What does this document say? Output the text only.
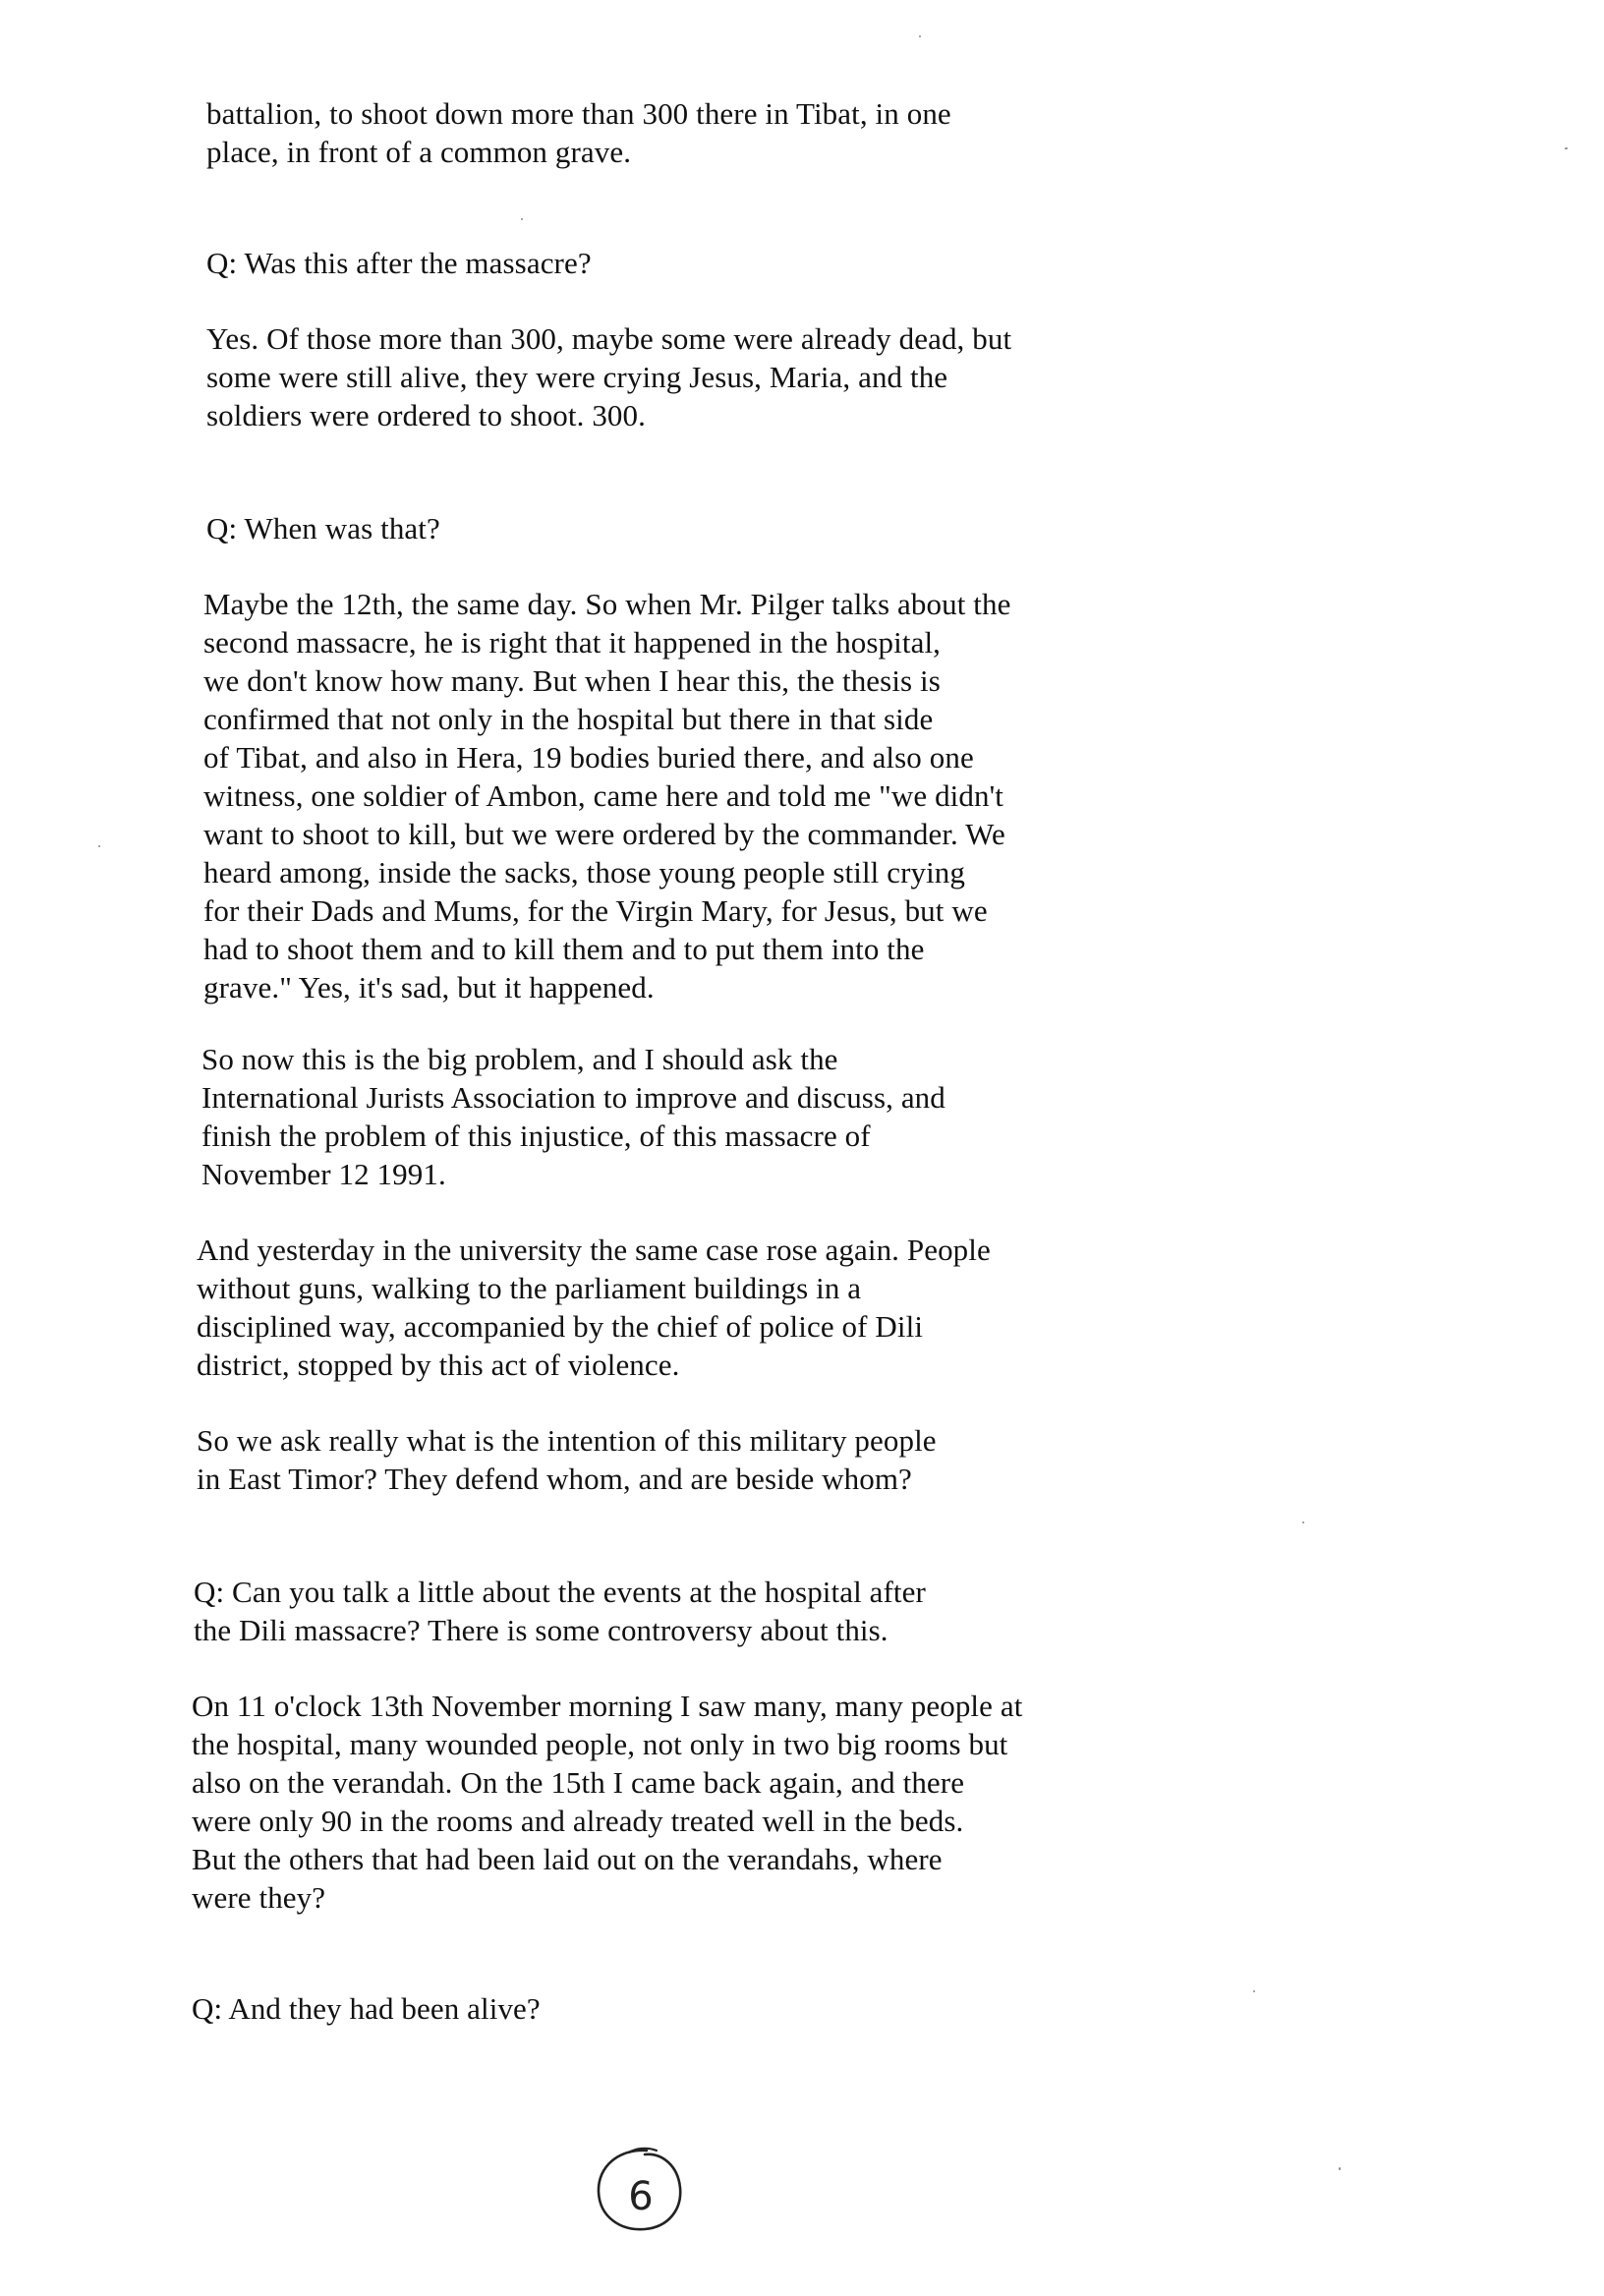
battalion, to shoot down more than 300 there in Tibat, in one
place, in front of a common grave.
Q: Was this after the massacre?
Yes. Of those more than 300, maybe some were already dead, but
some were still alive, they were crying Jesus, Maria, and the
soldiers were ordered to shoot. 300.
Q: When was that?
Maybe the 12th, the same day. So when Mr. Pilger talks about the
second massacre, he is right that it happened in the hospital,
we don't know how many. But when I hear this, the thesis is
confirmed that not only in the hospital but there in that side
of Tibat, and also in Hera, 19 bodies buried there, and also one
witness, one soldier of Ambon, came here and told me "we didn't
want to shoot to kill, but we were ordered by the commander. We
heard among, inside the sacks, those young people still crying
for their Dads and Mums, for the Virgin Mary, for Jesus, but we
had to shoot them and to kill them and to put them into the
grave." Yes, it's sad, but it happened.
So now this is the big problem, and I should ask the
International Jurists Association to improve and discuss, and
finish the problem of this injustice, of this massacre of
November 12 1991.
And yesterday in the university the same case rose again. People
without guns, walking to the parliament buildings in a
disciplined way, accompanied by the chief of police of Dili
district, stopped by this act of violence.
So we ask really what is the intention of this military people
in East Timor? They defend whom, and are beside whom?
Q: Can you talk a little about the events at the hospital after
the Dili massacre? There is some controversy about this.
On 11 o'clock 13th November morning I saw many, many people at
the hospital, many wounded people, not only in two big rooms but
also on the verandah. On the 15th I came back again, and there
were only 90 in the rooms and already treated well in the beds.
But the others that had been laid out on the verandahs, where
were they?
Q: And they had been alive?
6
